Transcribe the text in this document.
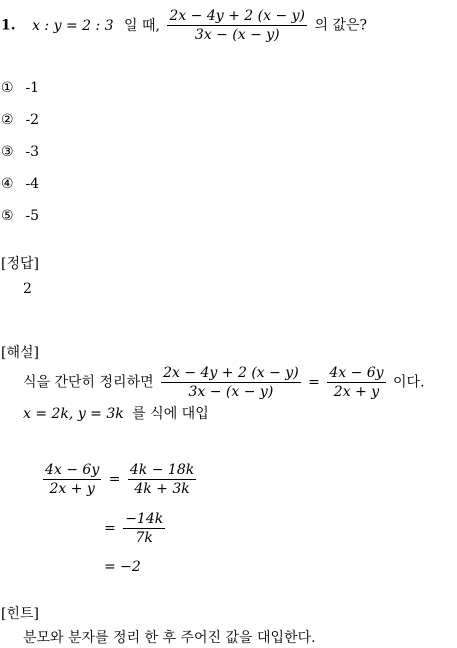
1. x : y = 2 : 3 일 때, $\frac{2x - 4y + 2 (x - y)}{3x - (x - y)}$ 의 값은?
① -1
② -2
③ -3
④ -4
⑤ -5
[정답]
2
[해설]
식을 간단히 정리하면 $\frac{2x - 4y + 2 (x - y)}{3x - (x - y)} = \frac{4x - 6y}{2x + y}$ 이다.
x = 2k, y = 3k 를 식에 대입
$\frac{4x - 6y}{2x + y} = \frac{4k - 18k}{4k + 3k}$
= $\frac{-14k}{7k}$
= −2
[힌트]
분모와 분자를 정리 한 후 주어진 값을 대입한다.
